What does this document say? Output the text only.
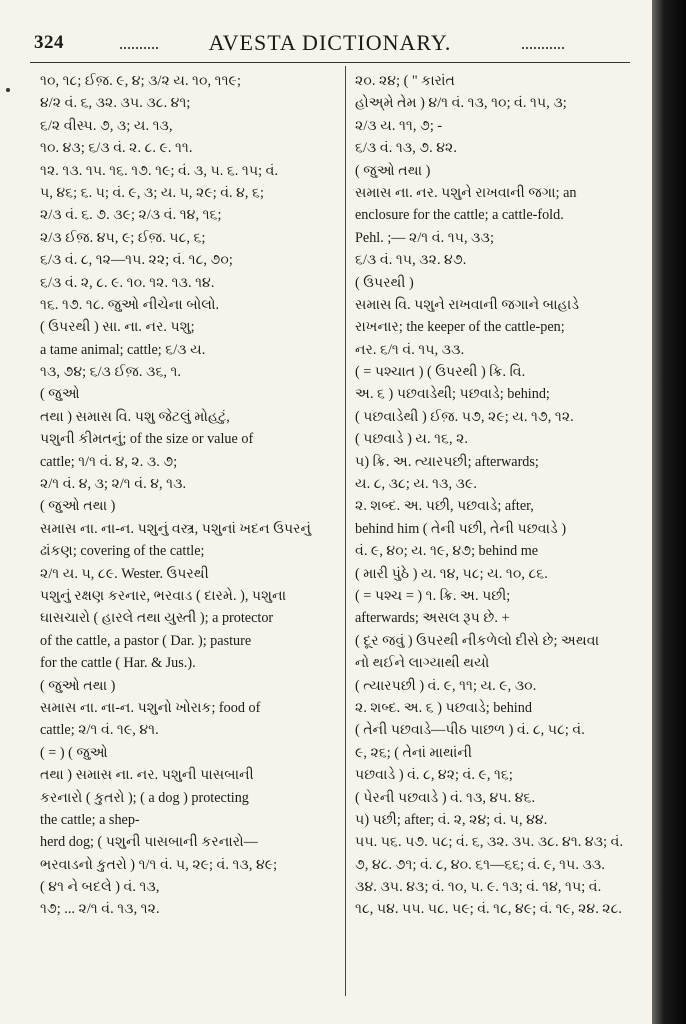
324	AVESTA DICTIONARY.
૧૦, ૧૮; ઈજ઼. ૯, ૪; ૩/૨ ય. ૧૦, ૧૧૯;
૪/૨ વં. ૬, ૩૨. ૩૫. ૩૮. ૪૧;
૬/૨ વીસ્પ. ૭, ૩; ય. ૧૩,
૧૦. ૪૩; ૬/૩ વં. ૨. ૮. ૯. ૧૧.
૧૨. ૧૩. ૧૫. ૧૬. ૧૭. ૧૯; વં. ૩, ૫. ૬. ૧૫; વં.
૫, ૪૬; ૬. ૫; વં. ૯, ૩; ય. ૫, ૨૯; વં. ૪, ૬;
૨/૩ વં. ૬. ૭. ૩૯; ૨/૩ વં. ૧૪, ૧૬;
૨/૩ ઈજ઼. ૪૫, ૯; ઈજ઼. ૫૮, ૬;
૬/૩ વં. ૮, ૧૨—૧૫. ૨૨; વં. ૧૮, ૭૦;
૬/૩ વં. ૨, ૮. ૯. ૧૦. ૧૨. ૧૩. ૧૪.
૧૬. ૧૭. ૧૮. જુઓ નીચેના બોલો.
( ઉપરથી ) સા. ના. નર. પશુ;
a tame animal; cattle; ૬/૩ ય.
૧૩, ૭૪; ૬/૩ ઈજ઼. ૩૬, ૧.
( જુઓ
તથા ) સમાસ વિ. પશુ જેટલું મોહટું,
પશુની કીમતનું; of the size or value of
cattle; ૧/૧ વં. ૪, ૨. ૩. ૭;
૨/૧ વં. ૪, ૩; ૨/૧ વં. ૪, ૧૩.
( જુઓ તથા )
સમાસ ના. ના-ન. પશુનું વસ્ત્ર, પશુનાં ખદન ઉપરનું
ઢાંકણ; covering of the cattle;
૨/૧ ય. ૫, ૮૯. Wester. ઉપરથી
પશુનું રક્ષણ કરનાર, ભરવાડ ( દારમે. ), પશુના
ઘાસચારો ( હારલે તથા યુસ્તી ); a protector
of the cattle, a pastor ( Dar. ); pasture
for the cattle ( Har. & Jus.).
( જુઓ તથા )
સમાસ ના. ના-ન. પશુનો ખોરાક; food of
cattle; ૨/૧ વં. ૧૯, ૪૧.
( = ) ( જુઓ
તથા ) સમાસ ના. નર. પશુની પાસબાની
કરનારો ( કુતરો ); ( a dog ) protecting
the cattle; a shep-
herd dog; ( પશુની પાસબાની કરનારો—
ભરવાડનો કુતરો ) ૧/૧ વં. ૫, ૨૯; વં. ૧૩, ૪૯;
( ૪૧ ને બદલે ) વં. ૧૩,
૧૭; ... ૨/૧ વં. ૧૩, ૧૨.
૨૦. ૨૪; ( " કારાંત
હોઅ્મે તેમ ) ૪/૧ વં. ૧૩, ૧૦; વં. ૧૫, ૩;
૨/૩ ય. ૧૧, ૭; -
૬/૩ વં. ૧૩, ૭. ૪૨.
( જુઓ તથા )
સમાસ ના. નર. પશુને રાખવાની જગા; an
enclosure for the cattle; a cattle-fold.
Pehl. ;— ૨/૧ વં. ૧૫, ૩૩;
૬/૩ વં. ૧૫, ૩૨. ૪૭.
( ઉપરથી )
સમાસ વિ. પશુને રાખવાની જગાને બાહાડે
રાખનાર; the keeper of the cattle-pen;
નર. ૬/૧ વં. ૧૫, ૩૩.
( = પશ્ચાત ) ( ઉપરથી ) ક્રિ. વિ.
અ. ૬ ) પછવાડેથી; પછવાડે; behind;
( પછવાડેથી ) ઈજ઼. ૫૭, ૨૯; ય. ૧૭, ૧૨.
( પછવાડે ) ય. ૧૬, ૨.
૫) ક્રિ. અ. ત્યારપછી; afterwards;
ય. ૮, ૩૮; ય. ૧૩, ૩૯.
૨. શબ્દ. અ. પછી, પછવાડે; after,
behind him ( તેની પછી, તેની પછવાડે )
વં. ૯, ૪૦; ય. ૧૯, ૪૭; behind me
( મારી પુંઠે ) ય. ૧૪, ૫૮; ય. ૧૦, ૮૬.
( = પશ્ચ = ) ૧. ક્રિ. અ. પછી;
afterwards; અસલ રૂપ છે. +
( દૂર જવું ) ઉપરથી નીકળેલો દીસે છે; અથવા
નો થઈને લાગ્યાથી થયો
( ત્યારપછી ) વં. ૯, ૧૧; ય. ૯, ૩૦.
૨. શબ્દ. અ. ૬ ) પછવાડે; behind
( તેની પછવાડે—પીઠ પાછળ ) વં. ૮, ૫૮; વં.
૯, ૨૬; ( તેનાં માથાંની
પછવાડે ) વં. ૮, ૪૨; વં. ૯, ૧૬;
( પેરની પછવાડે ) વં. ૧૩, ૪૫. ૪૬.
૫) પછી; after; વં. ૨, ૨૪; વં. ૫, ૪૪.
૫૫. ૫૬. ૫૭. ૫૮; વં. ૬, ૩૨. ૩૫. ૩૮. ૪૧. ૪૩; વં.
૭, ૪૮. ૭૧; વં. ૮, ૪૦. ૬૧—૬૬; વં. ૯, ૧૫. ૩૩.
૩૪. ૩૫. ૪૩; વં. ૧૦, ૫. ૯. ૧૩; વં. ૧૪, ૧૫; વં.
૧૮, ૫૪. ૫૫. ૫૮. ૫૯; વં. ૧૮, ૪૯; વં. ૧૯, ૨૪. ૨૮.
